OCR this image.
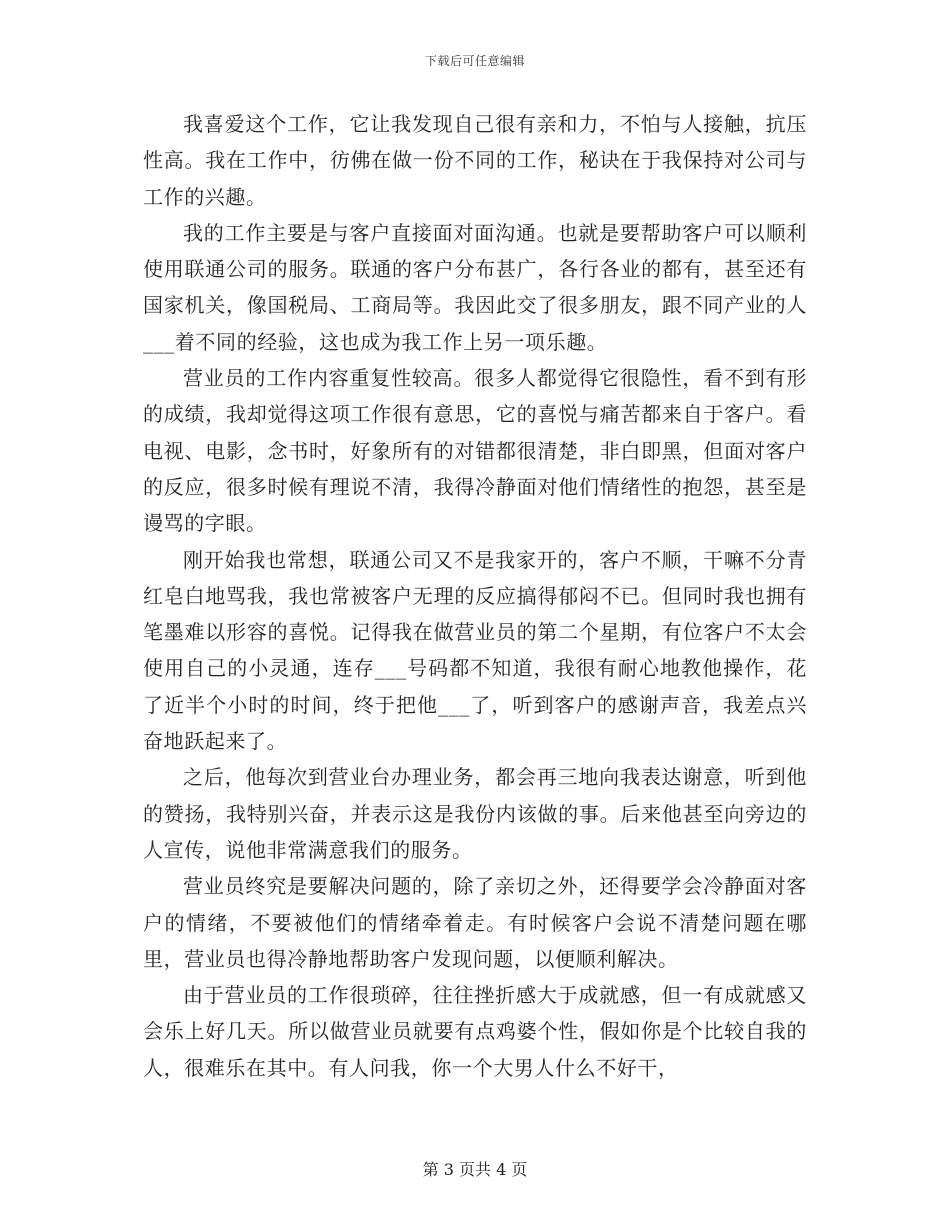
下载后可任意编辑

我喜爱这个工作，它让我发现自己很有亲和力，不怕与人接触，抗压性高。我在工作中，彷佛在做一份不同的工作，秘诀在于我保持对公司与工作的兴趣。

我的工作主要是与客户直接面对面沟通。也就是要帮助客户可以顺利使用联通公司的服务。联通的客户分布甚广，各行各业的都有，甚至还有国家机关，像国税局、工商局等。我因此交了很多朋友，跟不同产业的人___着不同的经验，这也成为我工作上另一项乐趣。

营业员的工作内容重复性较高。很多人都觉得它很隐性，看不到有形的成绩，我却觉得这项工作很有意思，它的喜悦与痛苦都来自于客户。看电视、电影，念书时，好象所有的对错都很清楚，非白即黑，但面对客户的反应，很多时候有理说不清，我得冷静面对他们情绪性的抱怨，甚至是谩骂的字眼。

刚开始我也常想，联通公司又不是我家开的，客户不顺，干嘛不分青红皂白地骂我，我也常被客户无理的反应搞得郁闷不已。但同时我也拥有笔墨难以形容的喜悦。记得我在做营业员的第二个星期，有位客户不太会使用自己的小灵通，连存___号码都不知道，我很有耐心地教他操作，花了近半个小时的时间，终于把他___了，听到客户的感谢声音，我差点兴奋地跃起来了。

之后，他每次到营业台办理业务，都会再三地向我表达谢意，听到他的赞扬，我特别兴奋，并表示这是我份内该做的事。后来他甚至向旁边的人宣传，说他非常满意我们的服务。

营业员终究是要解决问题的，除了亲切之外，还得要学会冷静面对客户的情绪，不要被他们的情绪牵着走。有时候客户会说不清楚问题在哪里，营业员也得冷静地帮助客户发现问题，以便顺利解决。

由于营业员的工作很琐碎，往往挫折感大于成就感，但一有成就感又会乐上好几天。所以做营业员就要有点鸡婆个性，假如你是个比较自我的人，很难乐在其中。有人问我，你一个大男人什么不好干，

第 3 页共 4 页
